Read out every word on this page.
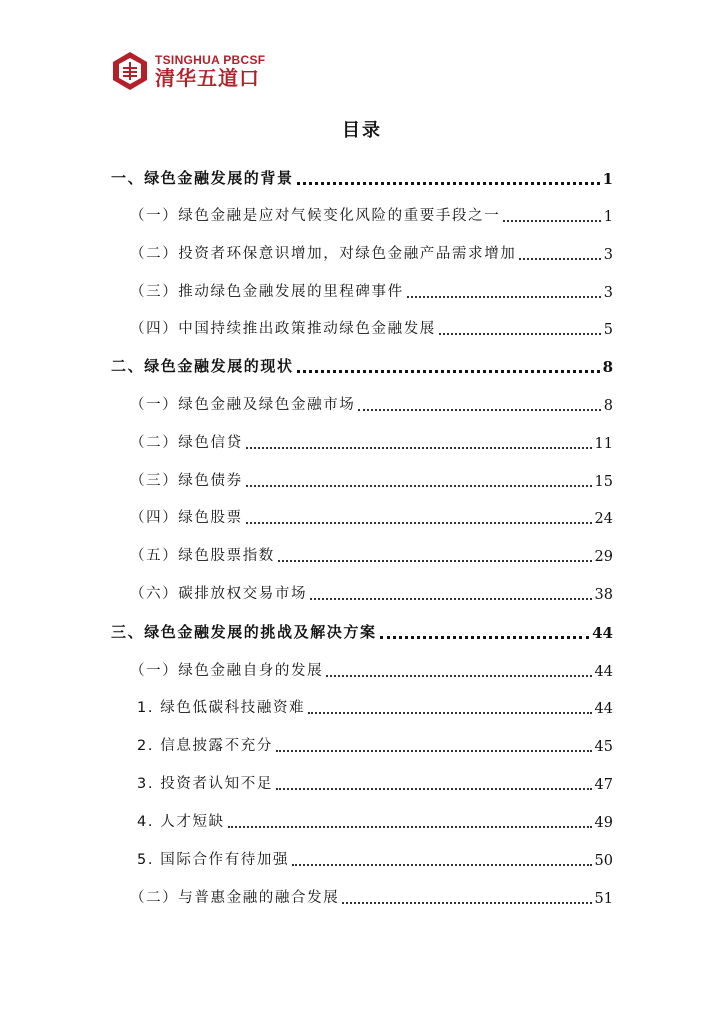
TSINGHUA PBCSF
清华五道口
目录
一、绿色金融发展的背景	1
（一）绿色金融是应对气候变化风险的重要手段之一	1
（二）投资者环保意识增加，对绿色金融产品需求增加	3
（三）推动绿色金融发展的里程碑事件	3
（四）中国持续推出政策推动绿色金融发展	5
二、绿色金融发展的现状	8
（一）绿色金融及绿色金融市场	8
（二）绿色信贷	11
（三）绿色债券	15
（四）绿色股票	24
（五）绿色股票指数	29
（六）碳排放权交易市场	38
三、绿色金融发展的挑战及解决方案	44
（一）绿色金融自身的发展	44
1. 绿色低碳科技融资难	44
2. 信息披露不充分	45
3. 投资者认知不足	47
4. 人才短缺	49
5. 国际合作有待加强	50
（二）与普惠金融的融合发展	51
